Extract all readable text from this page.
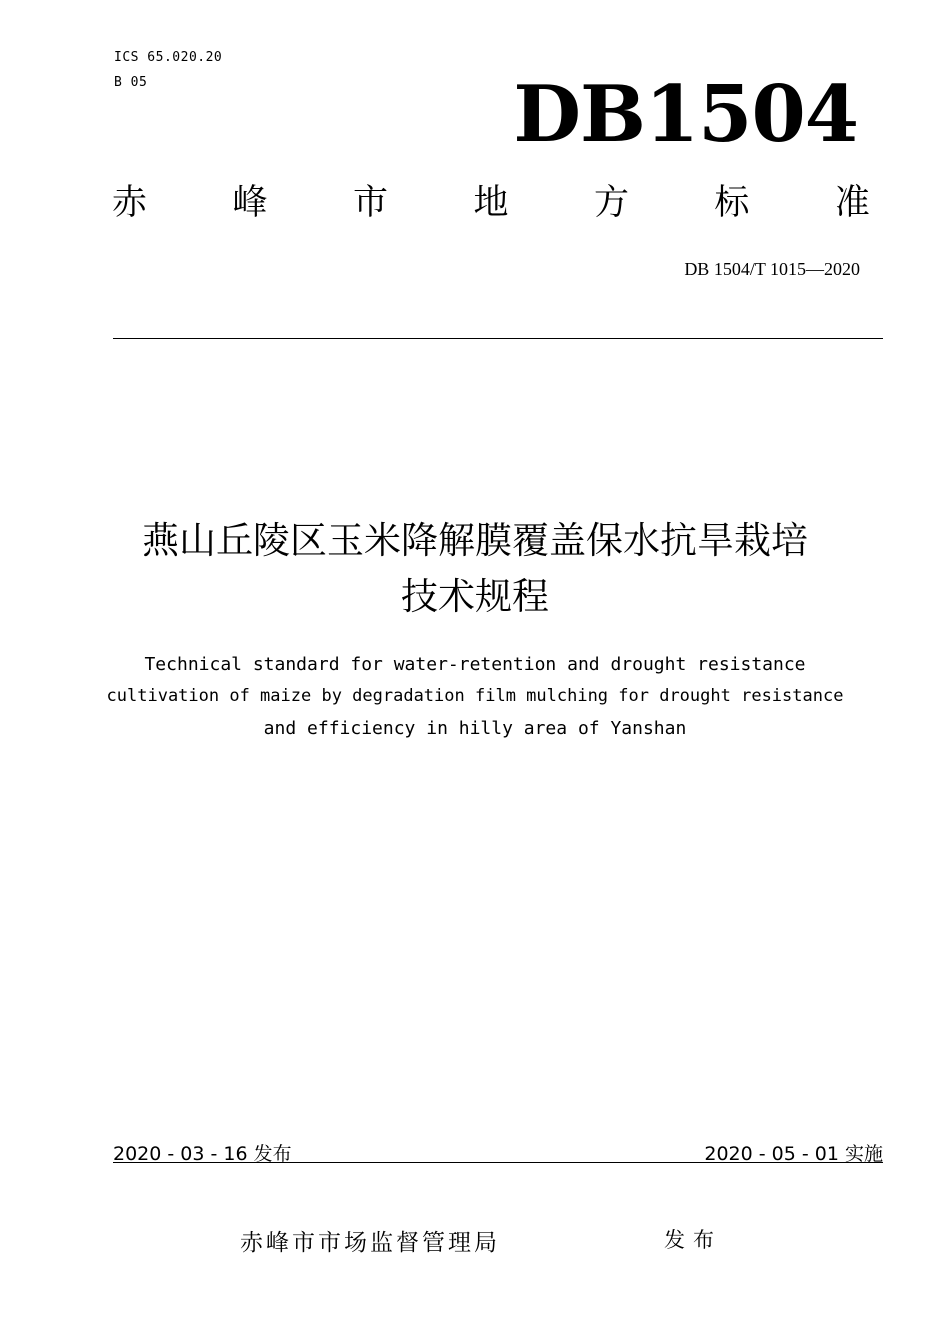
ICS 65.020.20
B 05	DB1504
赤 峰 市 地 方 标 准
DB 1504/T 1015—2020
燕山丘陵区玉米降解膜覆盖保水抗旱栽培
技术规程
Technical standard for water-retention and drought resistance
cultivation of maize by degradation film mulching for drought resistance
and efficiency in hilly area of Yanshan
2020 - 03 - 16 发布	2020 - 05 - 01 实施
赤峰市市场监督管理局	发布
